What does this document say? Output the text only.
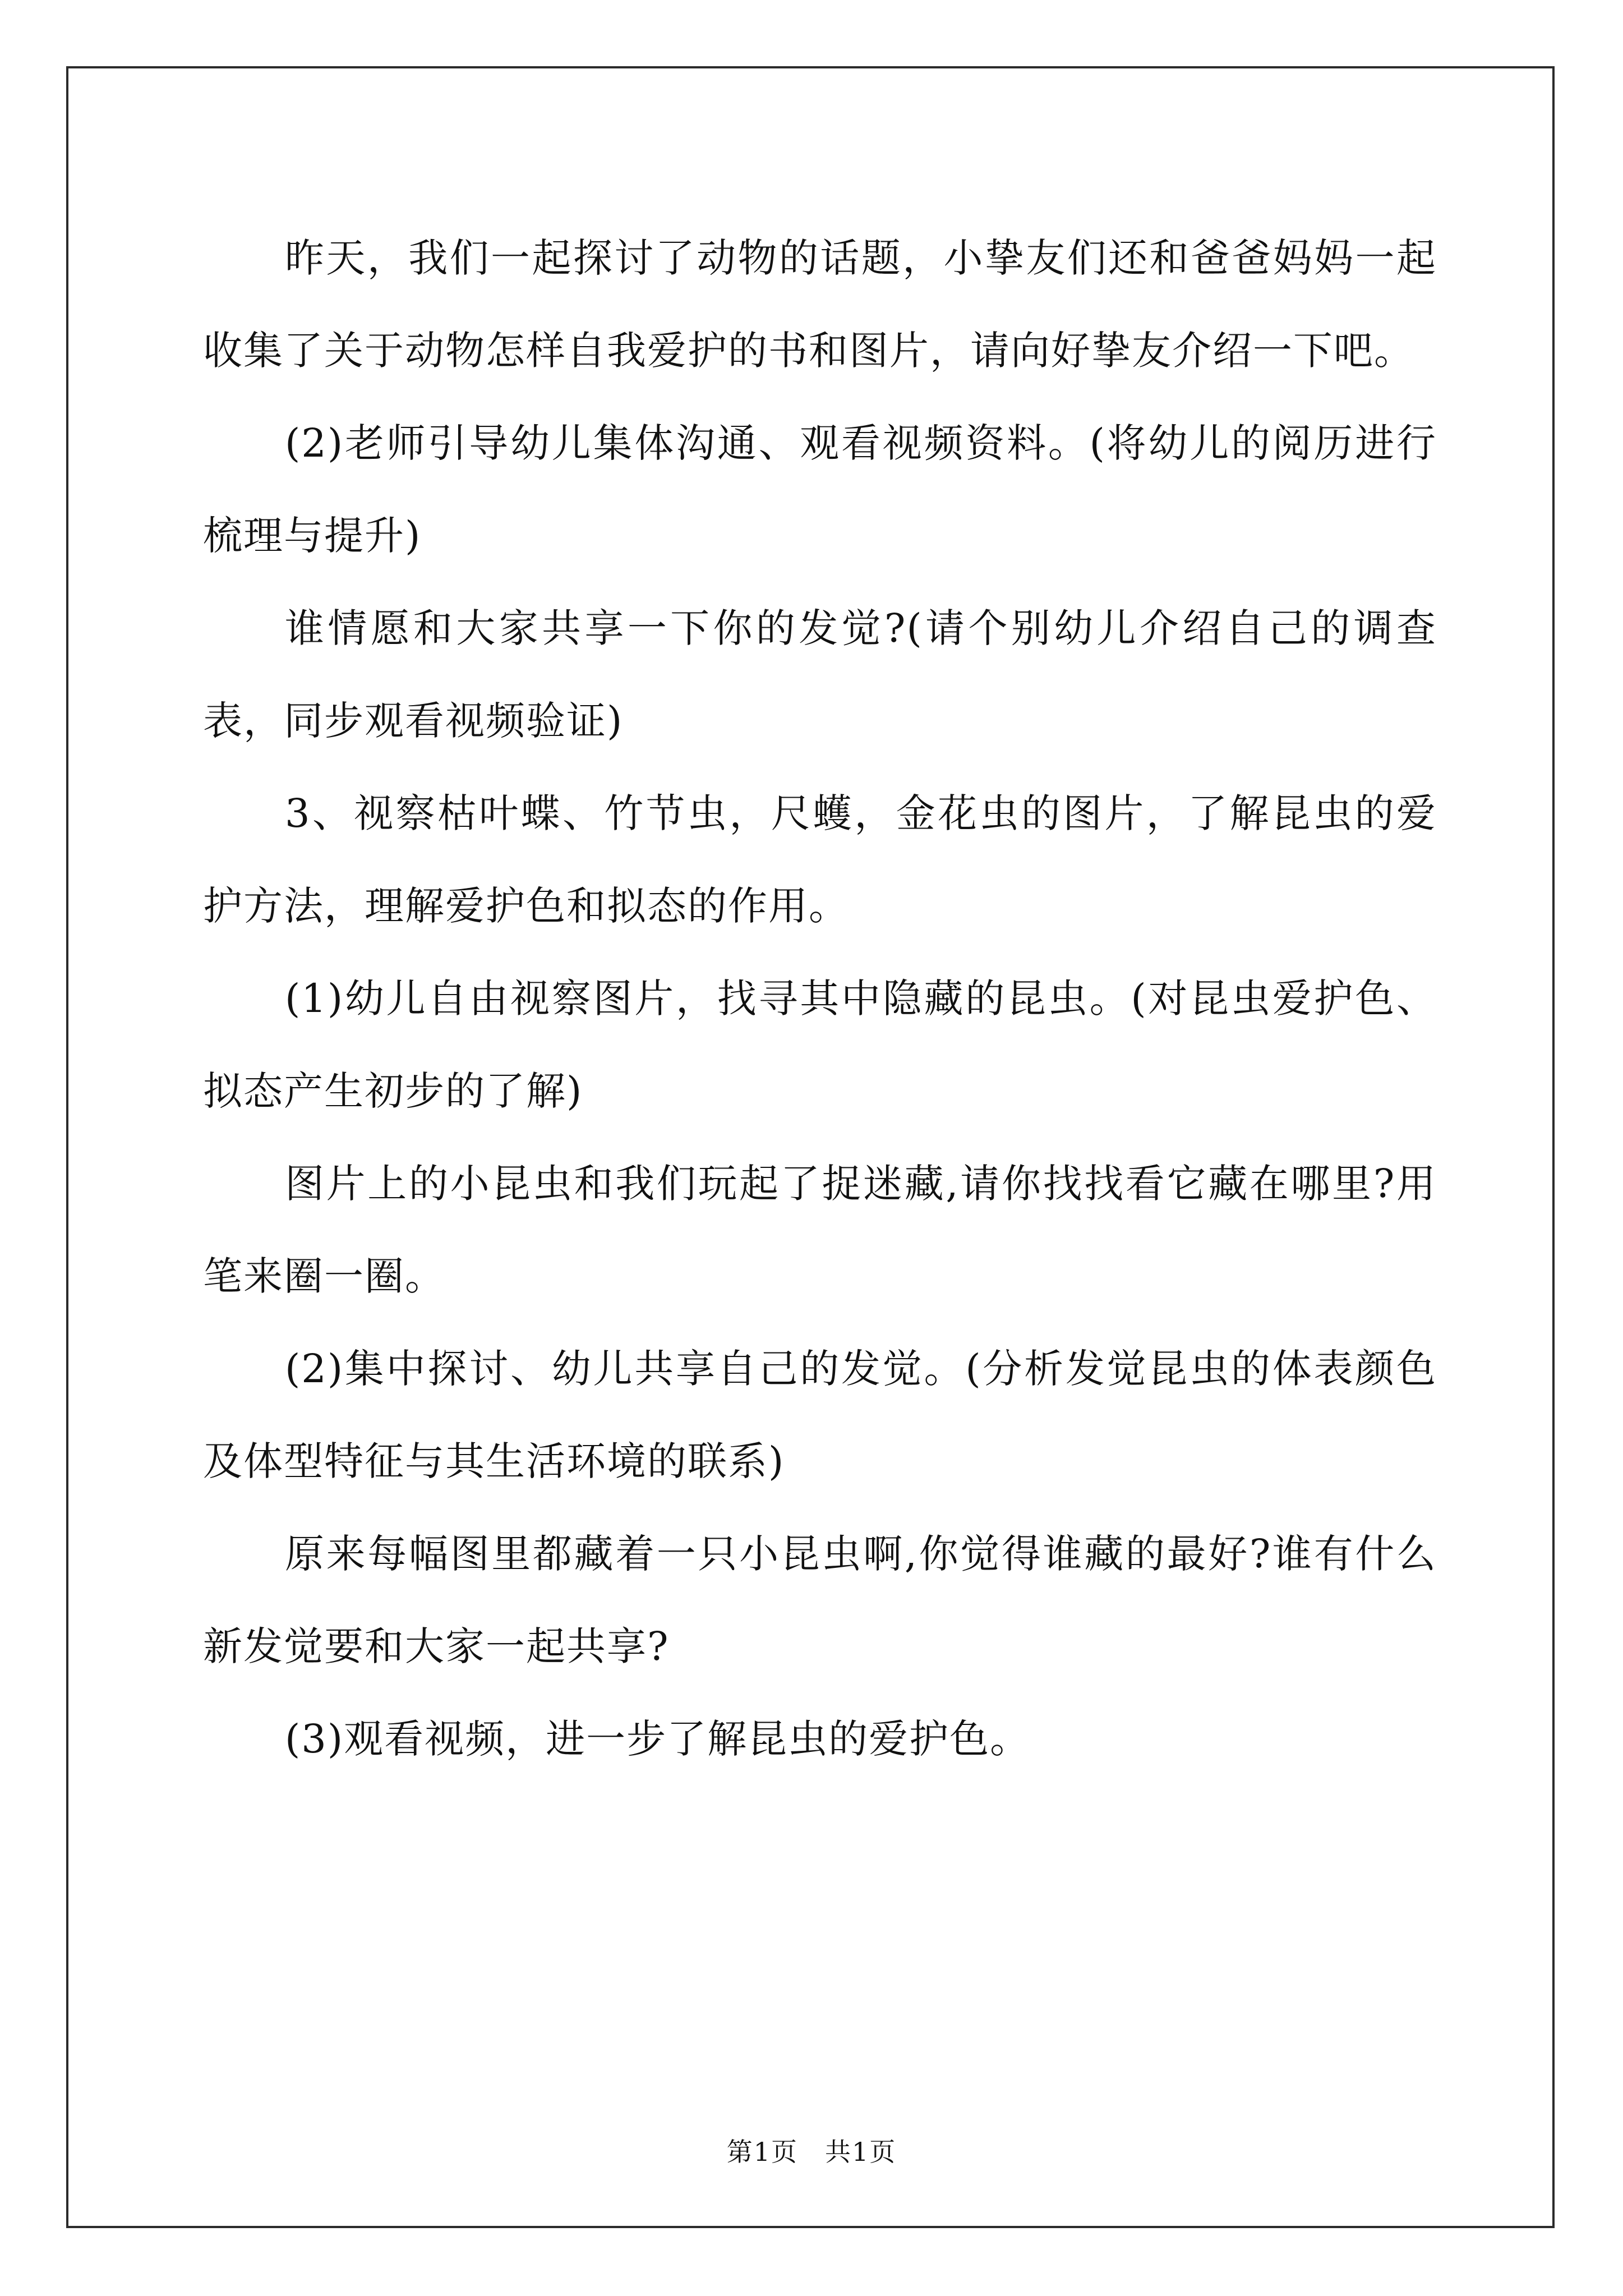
昨天，我们一起探讨了动物的话题，小挚友们还和爸爸妈妈一起收集了关于动物怎样自我爱护的书和图片，请向好挚友介绍一下吧。

(2)老师引导幼儿集体沟通、观看视频资料。(将幼儿的阅历进行梳理与提升)

谁情愿和大家共享一下你的发觉?(请个别幼儿介绍自己的调查表，同步观看视频验证)

3、视察枯叶蝶、竹节虫，尺蠖，金花虫的图片，了解昆虫的爱护方法，理解爱护色和拟态的作用。

(1)幼儿自由视察图片，找寻其中隐藏的昆虫。(对昆虫爱护色、拟态产生初步的了解)

图片上的小昆虫和我们玩起了捉迷藏,请你找找看它藏在哪里?用笔来圈一圈。

(2)集中探讨、幼儿共享自己的发觉。(分析发觉昆虫的体表颜色及体型特征与其生活环境的联系)

原来每幅图里都藏着一只小昆虫啊,你觉得谁藏的最好?谁有什么新发觉要和大家一起共享?

(3)观看视频，进一步了解昆虫的爱护色。

第1页 共1页
